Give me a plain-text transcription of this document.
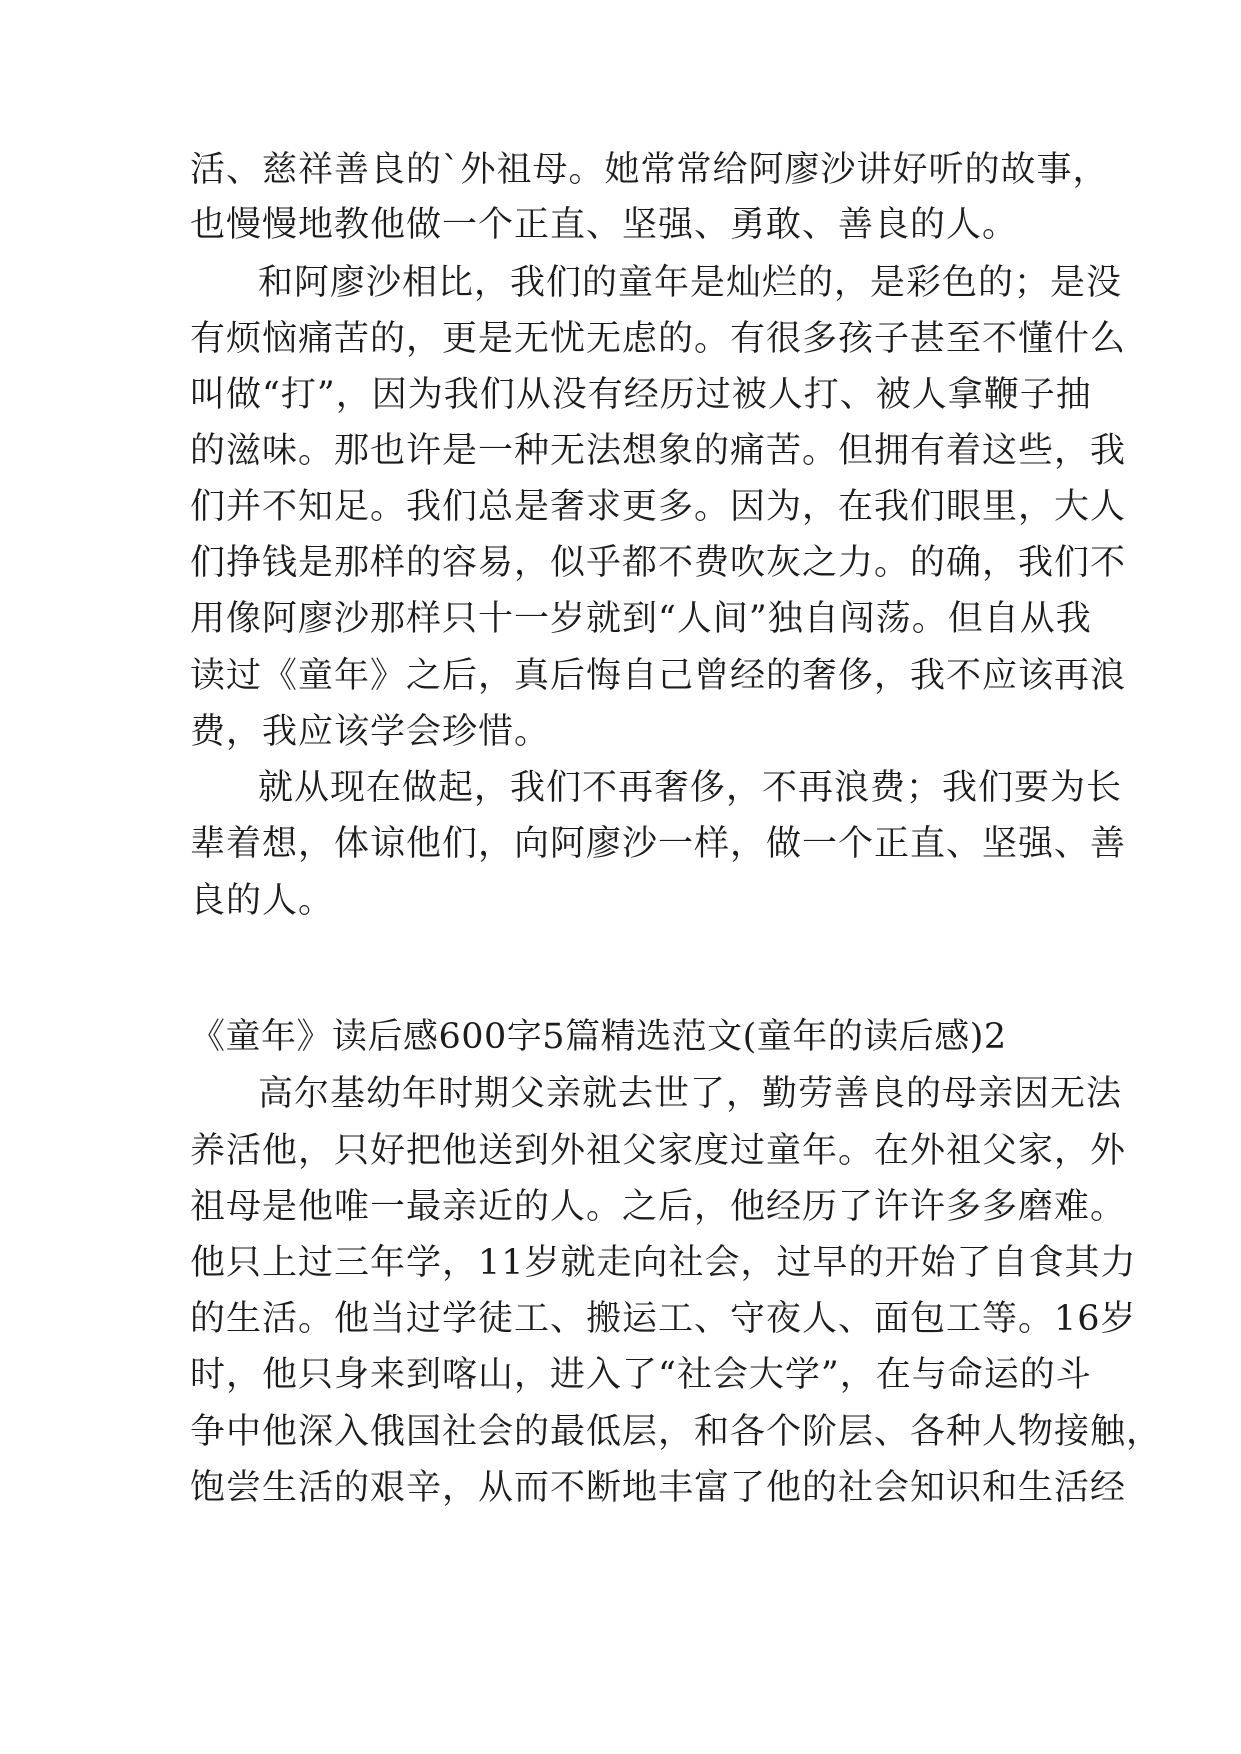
活、慈祥善良的`外祖母。她常常给阿廖沙讲好听的故事，

也慢慢地教他做一个正直、坚强、勇敢、善良的人。

和阿廖沙相比，我们的童年是灿烂的，是彩色的；是没

有烦恼痛苦的，更是无忧无虑的。有很多孩子甚至不懂什么

叫做“打”，因为我们从没有经历过被人打、被人拿鞭子抽

的滋味。那也许是一种无法想象的痛苦。但拥有着这些，我

们并不知足。我们总是奢求更多。因为，在我们眼里，大人

们挣钱是那样的容易，似乎都不费吹灰之力。的确，我们不

用像阿廖沙那样只十一岁就到“人间”独自闯荡。但自从我

读过《童年》之后，真后悔自己曾经的奢侈，我不应该再浪

费，我应该学会珍惜。

就从现在做起，我们不再奢侈，不再浪费；我们要为长

辈着想，体谅他们，向阿廖沙一样，做一个正直、坚强、善

良的人。

《童年》读后感600字5篇精选范文(童年的读后感)2

高尔基幼年时期父亲就去世了，勤劳善良的母亲因无法

养活他，只好把他送到外祖父家度过童年。在外祖父家，外

祖母是他唯一最亲近的人。之后，他经历了许许多多磨难。

他只上过三年学，11岁就走向社会，过早的开始了自食其力

的生活。他当过学徒工、搬运工、守夜人、面包工等。16岁

时，他只身来到喀山，进入了“社会大学”，在与命运的斗

争中他深入俄国社会的最低层，和各个阶层、各种人物接触，

饱尝生活的艰辛，从而不断地丰富了他的社会知识和生活经
